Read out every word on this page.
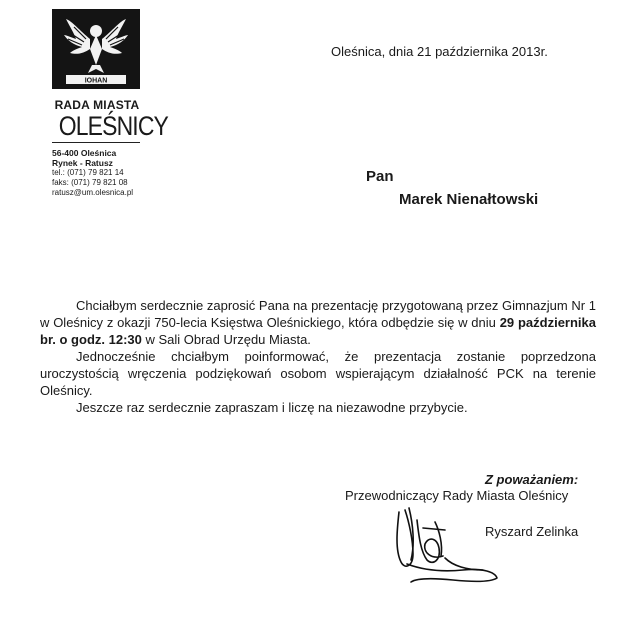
IOHAN
RADA MIASTA
OLEŚNICY
56-400 Oleśnica
Rynek - Ratusz
tel.: (071) 79 821 14
faks: (071) 79 821 08
ratusz@um.olesnica.pl
Oleśnica, dnia 21 października 2013r.
Pan
Marek Nienałtowski

Chciałbym serdecznie zaprosić Pana na prezentację przygotowaną przez Gimnazjum Nr 1 w Oleśnicy z okazji 750-lecia Księstwa Oleśnickiego, która odbędzie się w dniu 29 października br. o godz. 12:30 w Sali Obrad Urzędu Miasta.

Jednocześnie chciałbym poinformować, że prezentacja zostanie poprzedzona uroczystością wręczenia podziękowań osobom wspierającym działalność PCK na terenie Oleśnicy.

Jeszcze raz serdecznie zapraszam i liczę na niezawodne przybycie.

Z poważaniem:
Przewodniczący Rady Miasta Oleśnicy
Ryszard Zelinka
